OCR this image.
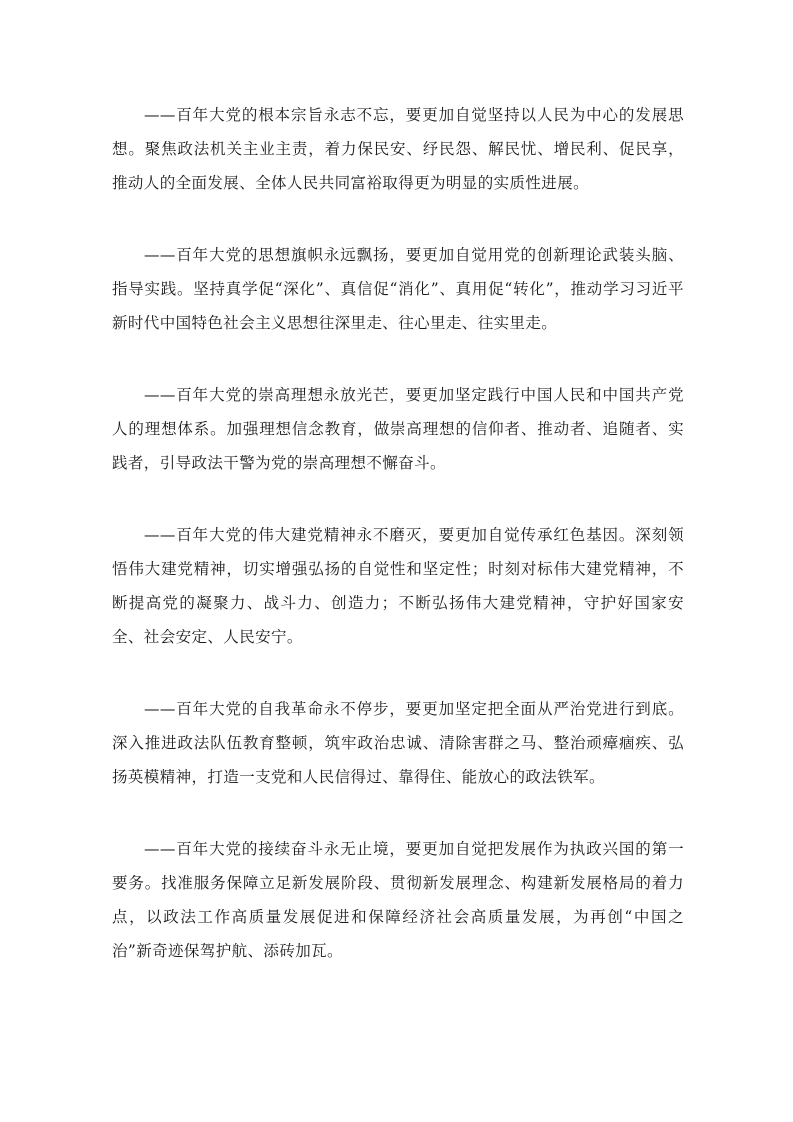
——百年大党的根本宗旨永志不忘，要更加自觉坚持以人民为中心的发展思想。聚焦政法机关主业主责，着力保民安、纾民怨、解民忧、增民利、促民享，推动人的全面发展、全体人民共同富裕取得更为明显的实质性进展。

——百年大党的思想旗帜永远飘扬，要更加自觉用党的创新理论武装头脑、指导实践。坚持真学促“深化”、真信促“消化”、真用促“转化”，推动学习习近平新时代中国特色社会主义思想往深里走、往心里走、往实里走。

——百年大党的崇高理想永放光芒，要更加坚定践行中国人民和中国共产党人的理想体系。加强理想信念教育，做崇高理想的信仰者、推动者、追随者、实践者，引导政法干警为党的崇高理想不懈奋斗。

——百年大党的伟大建党精神永不磨灭，要更加自觉传承红色基因。深刻领悟伟大建党精神，切实增强弘扬的自觉性和坚定性；时刻对标伟大建党精神，不断提高党的凝聚力、战斗力、创造力；不断弘扬伟大建党精神，守护好国家安全、社会安定、人民安宁。

——百年大党的自我革命永不停步，要更加坚定把全面从严治党进行到底。深入推进政法队伍教育整顿，筑牢政治忠诚、清除害群之马、整治顽瘴痼疾、弘扬英模精神，打造一支党和人民信得过、靠得住、能放心的政法铁军。

——百年大党的接续奋斗永无止境，要更加自觉把发展作为执政兴国的第一要务。找准服务保障立足新发展阶段、贯彻新发展理念、构建新发展格局的着力点，以政法工作高质量发展促进和保障经济社会高质量发展，为再创“中国之治”新奇迹保驾护航、添砖加瓦。
